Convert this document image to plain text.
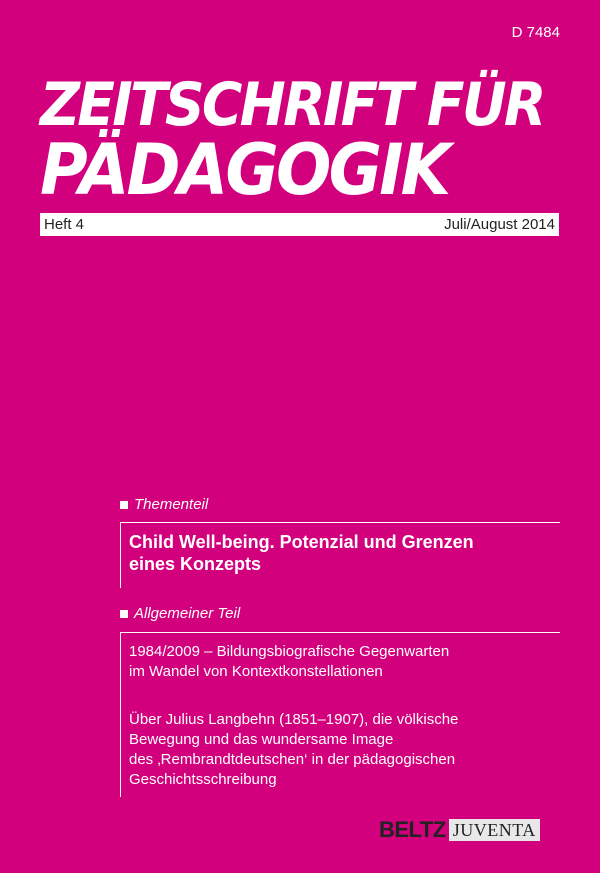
D 7484
ZEITSCHRIFT FÜR
PÄDAGOGIK
Heft 4	Juli/August 2014
Thementeil
Child Well-being. Potenzial und Grenzen
eines Konzepts
Allgemeiner Teil
1984/2009 – Bildungsbiografische Gegenwarten
im Wandel von Kontextkonstellationen
Über Julius Langbehn (1851–1907), die völkische
Bewegung und das wundersame Image
des ‚Rembrandtdeutschen‘ in der pädagogischen
Geschichtsschreibung
BELTZ JUVENTA
